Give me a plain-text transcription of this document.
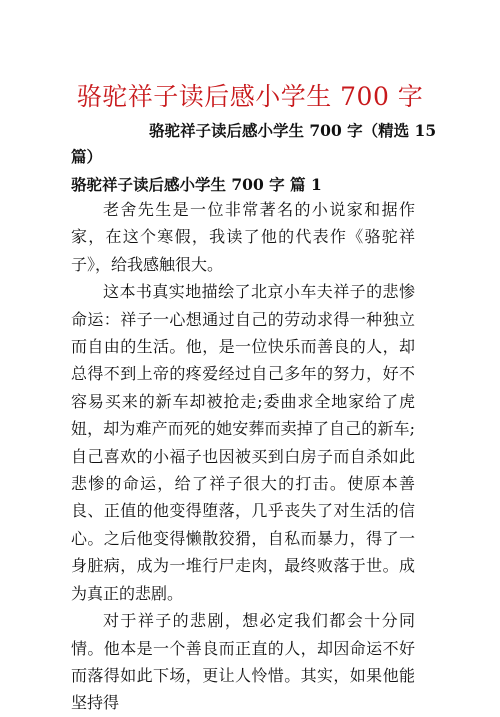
骆驼祥子读后感小学生 700 字
骆驼祥子读后感小学生 700 字（精选 15 篇）
骆驼祥子读后感小学生 700 字 篇 1

老舍先生是一位非常著名的小说家和据作家，在这个寒假，我读了他的代表作《骆驼祥子》，给我感触很大。

这本书真实地描绘了北京小车夫祥子的悲惨命运：祥子一心想通过自己的劳动求得一种独立而自由的生活。他，是一位快乐而善良的人，却总得不到上帝的疼爱经过自己多年的努力，好不容易买来的新车却被抢走;委曲求全地家给了虎妞，却为难产而死的她安葬而卖掉了自己的新车;自己喜欢的小福子也因被买到白房子而自杀如此悲惨的命运，给了祥子很大的打击。使原本善良、正值的他变得堕落，几乎丧失了对生活的信心。之后他变得懒散狡猾，自私而暴力，得了一身脏病，成为一堆行尸走肉，最终败落于世。成为真正的悲剧。

对于祥子的悲剧，想必定我们都会十分同情。他本是一个善良而正直的人，却因命运不好而落得如此下场，更让人怜惜。其实，如果他能坚持得
